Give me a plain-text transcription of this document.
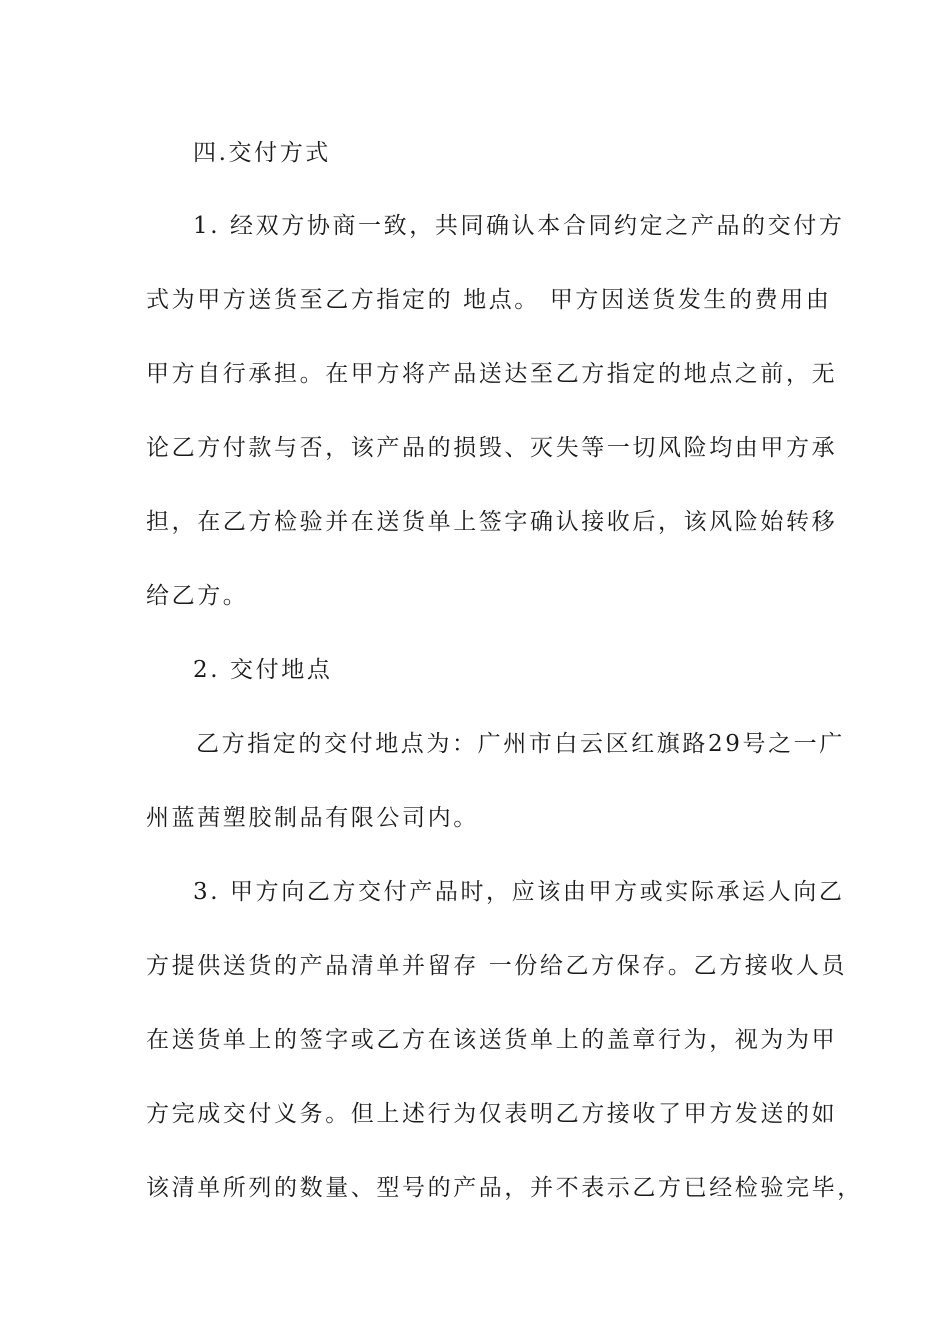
四.交付方式
1. 经双方协商一致，共同确认本合同约定之产品的交付方
式为甲方送货至乙方指定的 地点。 甲方因送货发生的费用由
甲方自行承担。在甲方将产品送达至乙方指定的地点之前，无
论乙方付款与否，该产品的损毁、灭失等一切风险均由甲方承
担，在乙方检验并在送货单上签字确认接收后，该风险始转移
给乙方。
2. 交付地点
乙方指定的交付地点为：广州市白云区红旗路29号之一广
州蓝茜塑胶制品有限公司内。
3. 甲方向乙方交付产品时，应该由甲方或实际承运人向乙
方提供送货的产品清单并留存 一份给乙方保存。乙方接收人员
在送货单上的签字或乙方在该送货单上的盖章行为，视为为甲
方完成交付义务。但上述行为仅表明乙方接收了甲方发送的如
该清单所列的数量、型号的产品，并不表示乙方已经检验完毕，
